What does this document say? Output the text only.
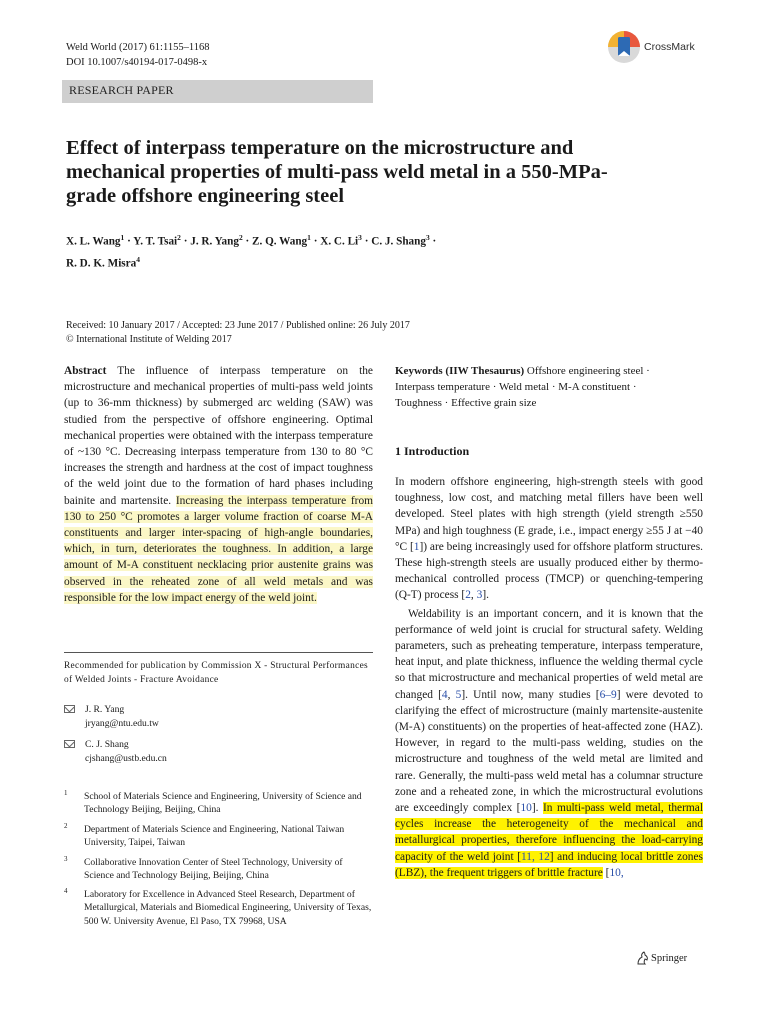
Weld World (2017) 61:1155–1168
DOI 10.1007/s40194-017-0498-x
CrossMark
RESEARCH PAPER
Effect of interpass temperature on the microstructure and mechanical properties of multi-pass weld metal in a 550-MPa-grade offshore engineering steel
X. L. Wang$^1$ · Y. T. Tsai$^2$ · J. R. Yang$^2$ · Z. Q. Wang$^1$ · X. C. $Li^3 \cdot C$. J. Shang$^3$ ·
R. D. K. Misra$^4$
Received: 10 January 2017 / Accepted: 23 June 2017 / Published online: 26 July 2017
© International Institute of Welding 2017

Abstract The influence of interpass temperature on the microstructure and mechanical properties of multi-pass weld joints (up to 36-mm thickness) by submerged arc welding (SAW) was studied from the perspective of offshore engineering. Optimal mechanical properties were obtained with the interpass temperature of ~130 °C. Decreasing interpass temperature from 130 to 80 °C increases the strength and hardness at the cost of impact toughness of the weld joint due to the formation of hard phases including bainite and martensite. Increasing the interpass temperature from 130 to 250 °C promotes a larger volume fraction of coarse M-A constituents and larger inter-spacing of high-angle boundaries, which, in turn, deteriorates the toughness. In addition, a large amount of M-A constituent necklacing prior austenite grains was observed in the reheated zone of all weld metals and was responsible for the low impact energy of the weld joint.

Recommended for publication by Commission X - Structural Performances of Welded Joints - Fracture Avoidance
J. R. Yang
jryang@ntu.edu.tw
C. J. Shang
cjshang@ustb.edu.cn
1 School of Materials Science and Engineering, University of Science and Technology Beijing, Beijing, China
2 Department of Materials Science and Engineering, National Taiwan University, Taipei, Taiwan
3 Collaborative Innovation Center of Steel Technology, University of Science and Technology Beijing, Beijing, China
4 Laboratory for Excellence in Advanced Steel Research, Department of Metallurgical, Materials and Biomedical Engineering, University of Texas, 500 W. University Avenue, El Paso, TX 79968, USA
Keywords (IIW Thesaurus) Offshore engineering steel ·
Interpass temperature · Weld metal · M-A constituent ·
Toughness · Effective grain size
1 Introduction

In modern offshore engineering, high-strength steels with good toughness, low cost, and matching metal fillers have been well developed. Steel plates with high strength (yield strength ≥550 MPa) and high toughness (E grade, i.e., impact energy ≥55 J at −40 °C [1]) are being increasingly used for offshore platform structures. These high-strength steels are usually produced either by thermo-mechanical controlled process (TMCP) or quenching-tempering (Q-T) process [2, 3].

Weldability is an important concern, and it is known that the performance of weld joint is crucial for structural safety. Welding parameters, such as preheating temperature, interpass temperature, heat input, and plate thickness, influence the welding thermal cycle so that microstructure and mechanical properties of weld metal are changed [4, 5]. Until now, many studies [6–9] were devoted to clarifying the effect of microstructure (mainly martensite-austenite (M-A) constituents) on the properties of heat-affected zone (HAZ). However, in regard to the multi-pass welding, studies on the microstructure and toughness of the weld metal are limited and rare. Generally, the multi-pass weld metal has a columnar structure zone and a reheated zone, in which the microstructural evolutions are exceedingly complex [10]. In multi-pass weld metal, thermal cycles increase the heterogeneity of the mechanical and metallurgical properties, therefore influencing the load-carrying capacity of the weld joint [11, 12] and inducing local brittle zones (LBZ), the frequent triggers of brittle fracture [10,

Springer
